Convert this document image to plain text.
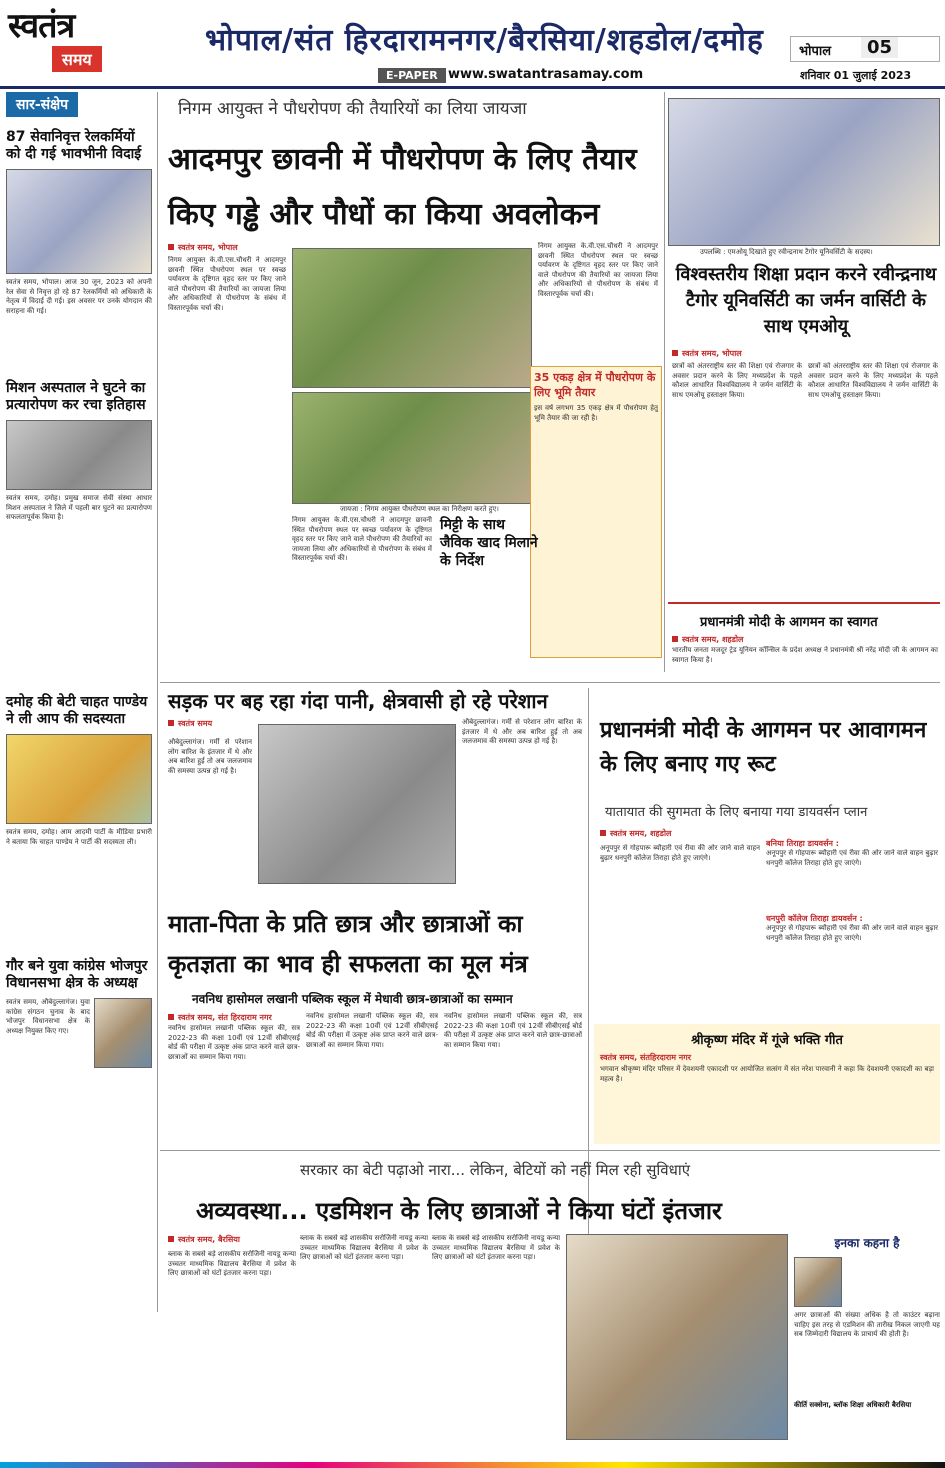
स्वतंत्र
समय
भोपाल/संत हिरदारामनगर/बैरसिया/शहडोल/दमोह
E-PAPER www.swatantrasamay.com
भोपाल	05
शनिवार 01 जुलाई 2023
सार-संक्षेप
87 सेवानिवृत्त रेलकर्मियों को दी गई भावभीनी विदाई
स्वतंत्र समय, भोपाल। आज 30 जून, 2023 को अपनी रेल सेवा से निवृत्त हो रहे 87 रेलकर्मियों को अधिकारी के नेतृत्व में विदाई दी गई। इस अवसर पर उनके योगदान की सराहना की गई।
मिशन अस्पताल ने घुटने का प्रत्यारोपण कर रचा इतिहास
स्वतंत्र समय, दमोह। प्रमुख समाज सेवी संस्था आधार मिशन अस्पताल ने जिले में पहली बार घुटने का प्रत्यारोपण सफलतापूर्वक किया है।
दमोह की बेटी चाहत पाण्डेय ने ली आप की सदस्यता
स्वतंत्र समय, दमोह। आम आदमी पार्टी के मीडिया प्रभारी ने बताया कि चाहत पाण्डेय ने पार्टी की सदस्यता ली।
गौर बने युवा कांग्रेस भोजपुर विधानसभा क्षेत्र के अध्यक्ष
स्वतंत्र समय, औबेदुल्लागंज। युवा कांग्रेस संगठन चुनाव के बाद भोजपुर विधानसभा क्षेत्र के अध्यक्ष नियुक्त किए गए।
निगम आयुक्त ने पौधरोपण की तैयारियों का लिया जायजा
आदमपुर छावनी में पौधरोपण के लिए तैयार
किए गड्ढे और पौधों का किया अवलोकन
स्वतंत्र समय, भोपाल
निगम आयुक्त के.वी.एस.चौधरी ने आदमपुर छावनी स्थित पौधरोपण स्थल पर स्वच्छ पर्यावरण के दृष्टिगत वृहद स्तर पर किए जाने वाले पौधरोपण की तैयारियों का जायजा लिया और अधिकारियों से पौधरोपण के संबंध में विस्तारपूर्वक चर्चा की।
जायजा : निगम आयुक्त पौधरोपण स्थल का निरीक्षण करते हुए।
निगम आयुक्त के.वी.एस.चौधरी ने आदमपुर छावनी स्थित पौधरोपण स्थल पर स्वच्छ पर्यावरण के दृष्टिगत वृहद स्तर पर किए जाने वाले पौधरोपण की तैयारियों का जायजा लिया और अधिकारियों से पौधरोपण के संबंध में विस्तारपूर्वक चर्चा की।
35 एकड़ क्षेत्र में पौधरोपण के लिए भूमि तैयार
इस वर्ष लगभग 35 एकड़ क्षेत्र में पौधरोपण हेतु भूमि तैयार की जा रही है।
मिट्टी के साथ जैविक खाद मिलाने के निर्देश
निगम आयुक्त के.वी.एस.चौधरी ने आदमपुर छावनी स्थित पौधरोपण स्थल पर स्वच्छ पर्यावरण के दृष्टिगत वृहद स्तर पर किए जाने वाले पौधरोपण की तैयारियों का जायजा लिया और अधिकारियों से पौधरोपण के संबंध में विस्तारपूर्वक चर्चा की।
उपलब्धि : एमओयू दिखाते हुए रवीन्द्रनाथ टैगोर यूनिवर्सिटी के सदस्य।
विश्वस्तरीय शिक्षा प्रदान करने रवीन्द्रनाथ टैगोर यूनिवर्सिटी का जर्मन वार्सिटी के साथ एमओयू
स्वतंत्र समय, भोपाल
छात्रों को अंतरराष्ट्रीय स्तर की शिक्षा एवं रोजगार के अवसर प्रदान करने के लिए मध्यप्रदेश के पहले कौशल आधारित विश्वविद्यालय ने जर्मन वार्सिटी के साथ एमओयू हस्ताक्षर किया।
छात्रों को अंतरराष्ट्रीय स्तर की शिक्षा एवं रोजगार के अवसर प्रदान करने के लिए मध्यप्रदेश के पहले कौशल आधारित विश्वविद्यालय ने जर्मन वार्सिटी के साथ एमओयू हस्ताक्षर किया।
प्रधानमंत्री मोदी के आगमन का स्वागत
स्वतंत्र समय, शहडोल
भारतीय जनता मजदूर ट्रेड यूनियन कॉन्सिल के प्रदेश अध्यक्ष ने प्रधानमंत्री श्री नरेंद्र मोदी जी के आगमन का स्वागत किया है।
सड़क पर बह रहा गंदा पानी, क्षेत्रवासी हो रहे परेशान
स्वतंत्र समय
औबेदुल्लागंज। गर्मी से परेशान लोग बारिश के इंतजार में थे और अब बारिश हुई तो अब जलजमाव की समस्या उत्पन्न हो गई है।
औबेदुल्लागंज। गर्मी से परेशान लोग बारिश के इंतजार में थे और अब बारिश हुई तो अब जलजमाव की समस्या उत्पन्न हो गई है।	प्रधानमंत्री मोदी के आगमन पर आवागमन के लिए बनाए गए रूट
यातायात की सुगमता के लिए बनाया गया डायवर्सन प्लान
स्वतंत्र समय, शहडोल
अनूपपुर से गोहपारू ब्यौहारी एवं रीवा की ओर जाने वाले वाहन बुढ़ार धनपुरी कॉलेज तिराहा होते हुए जाएंगे।
बनिया तिराहा डायवर्सन :
अनूपपुर से गोहपारू ब्यौहारी एवं रीवा की ओर जाने वाले वाहन बुढ़ार धनपुरी कॉलेज तिराहा होते हुए जाएंगे।
धनपुरी कॉलेज तिराहा डायवर्सन :
अनूपपुर से गोहपारू ब्यौहारी एवं रीवा की ओर जाने वाले वाहन बुढ़ार धनपुरी कॉलेज तिराहा होते हुए जाएंगे।
माता-पिता के प्रति छात्र और छात्राओं का
कृतज्ञता का भाव ही सफलता का मूल मंत्र
नवनिध हासोमल लखानी पब्लिक स्कूल में मेधावी छात्र-छात्राओं का सम्मान
स्वतंत्र समय, संत हिरदाराम नगर
नवनिध हासोमल लखानी पब्लिक स्कूल की, सत्र 2022-23 की कक्षा 10वीं एवं 12वीं सीबीएसई बोर्ड की परीक्षा में उत्कृष्ट अंक प्राप्त करने वाले छात्र-छात्राओं का सम्मान किया गया।
नवनिध हासोमल लखानी पब्लिक स्कूल की, सत्र 2022-23 की कक्षा 10वीं एवं 12वीं सीबीएसई बोर्ड की परीक्षा में उत्कृष्ट अंक प्राप्त करने वाले छात्र-छात्राओं का सम्मान किया गया।
नवनिध हासोमल लखानी पब्लिक स्कूल की, सत्र 2022-23 की कक्षा 10वीं एवं 12वीं सीबीएसई बोर्ड की परीक्षा में उत्कृष्ट अंक प्राप्त करने वाले छात्र-छात्राओं का सम्मान किया गया।	श्रीकृष्ण मंदिर में गूंजे भक्ति गीत
स्वतंत्र समय, संतहिरदाराम नगर
भगवान श्रीकृष्ण मंदिर परिसर में देवशयनी एकादशी पर आयोजित सत्संग में संत नरेश पारवानी ने कहा कि देवशयनी एकादशी का बड़ा महत्व है।
सरकार का बेटी पढ़ाओ नारा... लेकिन, बेटियों को नहीं मिल रही सुविधाएं
अव्यवस्था... एडमिशन के लिए छात्राओं ने किया घंटों इंतजार
स्वतंत्र समय, बैरसिया
ब्लाक के सबसे बड़े शासकीय सरोजिनी नायडू कन्या उच्चतर माध्यमिक विद्यालय बैरसिया में प्रवेश के लिए छात्राओं को घंटों इंतजार करना पड़ा।
ब्लाक के सबसे बड़े शासकीय सरोजिनी नायडू कन्या उच्चतर माध्यमिक विद्यालय बैरसिया में प्रवेश के लिए छात्राओं को घंटों इंतजार करना पड़ा।
ब्लाक के सबसे बड़े शासकीय सरोजिनी नायडू कन्या उच्चतर माध्यमिक विद्यालय बैरसिया में प्रवेश के लिए छात्राओं को घंटों इंतजार करना पड़ा।
इनका कहना है
अगर छात्राओं की संख्या अधिक है तो काउंटर बढ़ाना चाहिए इस तरह से एडमिशन की तारीख निकल जाएगी यह सब जिम्मेदारी विद्यालय के प्राचार्य की होती है।
कीर्ति सक्सेना, ब्लॉक शिक्षा अधिकारी बैरसिया
